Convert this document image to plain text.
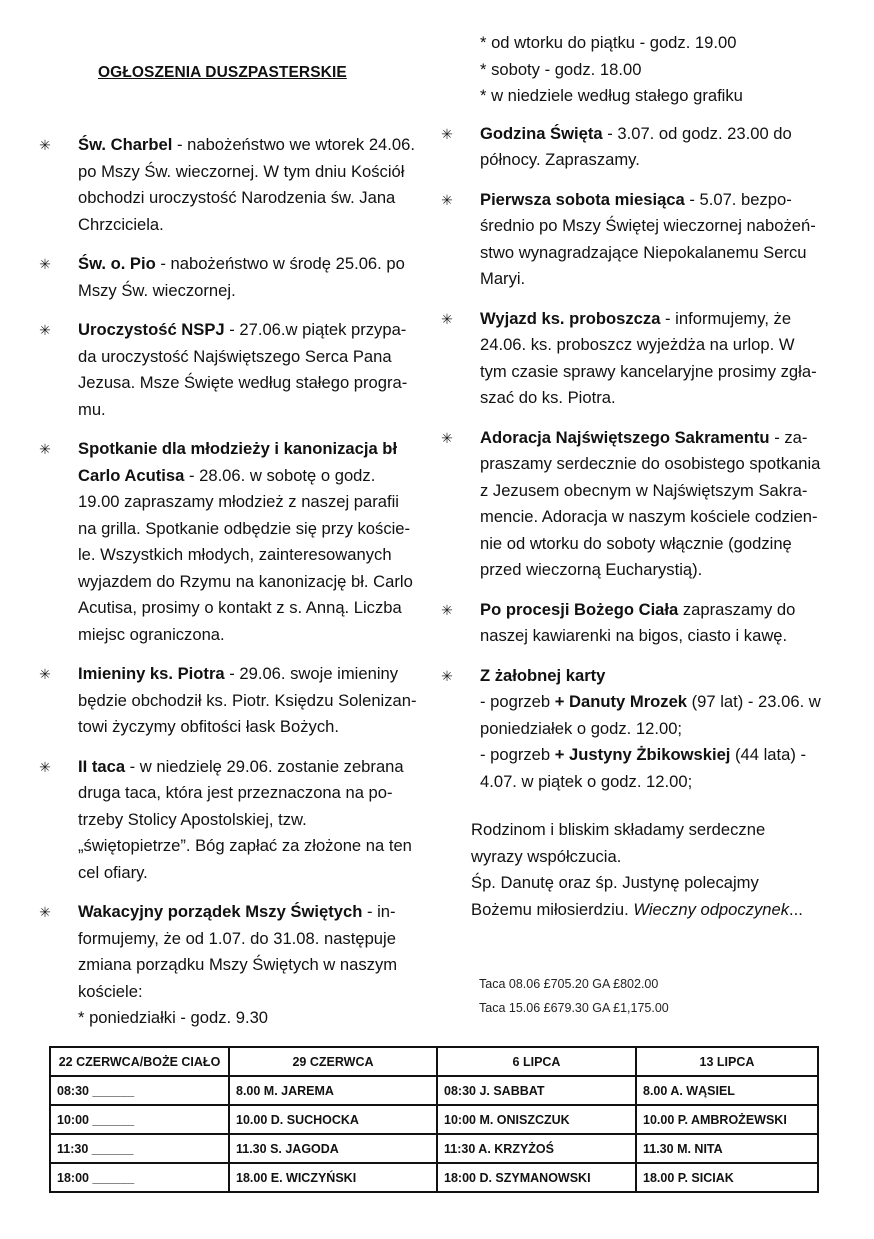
OGŁOSZENIA DUSZPASTERSKIE
✳ Św. Charbel - nabożeństwo we wtorek 24.06.
po Mszy Św. wieczornej. W tym dniu Kościół
obchodzi uroczystość Narodzenia św. Jana
Chrzciciela.
✳ Św. o. Pio - nabożeństwo w środę 25.06. po
Mszy Św. wieczornej.
✳ Uroczystość NSPJ - 27.06.w piątek przypa-
da uroczystość Najświętszego Serca Pana
Jezusa. Msze Święte według stałego progra-
mu.
✳ Spotkanie dla młodzieży i kanonizacja bł
Carlo Acutisa - 28.06. w sobotę o godz.
19.00 zapraszamy młodzież z naszej parafii
na grilla. Spotkanie odbędzie się przy koście-
le. Wszystkich młodych, zainteresowanych
wyjazdem do Rzymu na kanonizację bł. Carlo
Acutisa, prosimy o kontakt z s. Anną. Liczba
miejsc ograniczona.
✳ Imieniny ks. Piotra - 29.06. swoje imieniny
będzie obchodził ks. Piotr. Księdzu Solenizan-
towi życzymy obfitości łask Bożych.
✳ II taca - w niedzielę 29.06. zostanie zebrana
druga taca, która jest przeznaczona na po-
trzeby Stolicy Apostolskiej, tzw.
„świętopietrze”. Bóg zapłać za złożone na ten
cel ofiary.
✳ Wakacyjny porządek Mszy Świętych - in-
formujemy, że od 1.07. do 31.08. następuje
zmiana porządku Mszy Świętych w naszym
kościele:
* poniedziałki - godz. 9.30
* od wtorku do piątku - godz. 19.00
* soboty - godz. 18.00
* w niedziele według stałego grafiku
✳ Godzina Święta - 3.07. od godz. 23.00 do
północy. Zapraszamy.
✳ Pierwsza sobota miesiąca - 5.07. bezpo-
średnio po Mszy Świętej wieczornej nabożeń-
stwo wynagradzające Niepokalanemu Sercu
Maryi.
✳ Wyjazd ks. proboszcza - informujemy, że
24.06. ks. proboszcz wyjeżdża na urlop. W
tym czasie sprawy kancelaryjne prosimy zgła-
szać do ks. Piotra.
✳ Adoracja Najświętszego Sakramentu - za-
praszamy serdecznie do osobistego spotkania
z Jezusem obecnym w Najświętszym Sakra-
mencie. Adoracja w naszym kościele codzien-
nie od wtorku do soboty włącznie (godzinę
przed wieczorną Eucharystią).
✳ Po procesji Bożego Ciała zapraszamy do
naszej kawiarenki na bigos, ciasto i kawę.
✳ Z żałobnej karty
- pogrzeb + Danuty Mrozek (97 lat) - 23.06. w
poniedziałek o godz. 12.00;
- pogrzeb + Justyny Żbikowskiej (44 lata) -
4.07. w piątek o godz. 12.00;
Rodzinom i bliskim składamy serdeczne
wyrazy współczucia.
Śp. Danutę oraz śp. Justynę polecajmy
Bożemu miłosierdziu. Wieczny odpoczynek...
Taca 08.06 £705.20 GA £802.00
Taca 15.06 £679.30 GA £1,175.00
22 CZERWCA/BOŻE CIAŁO	29 CZERWCA	6 LIPCA	13 LIPCA
08:30 ______	8.00 M. JAREMA	08:30 J. SABBAT	8.00 A. WĄSIEL
10:00 ______	10.00 D. SUCHOCKA	10:00 M. ONISZCZUK	10.00 P. AMBROŻEWSKI
11:30 ______	11.30 S. JAGODA	11:30 A. KRZYŻOŚ	11.30 M. NITA
18:00 ______	18.00 E. WICZYŃSKI	18:00 D. SZYMANOWSKI	18.00 P. SICIAK
